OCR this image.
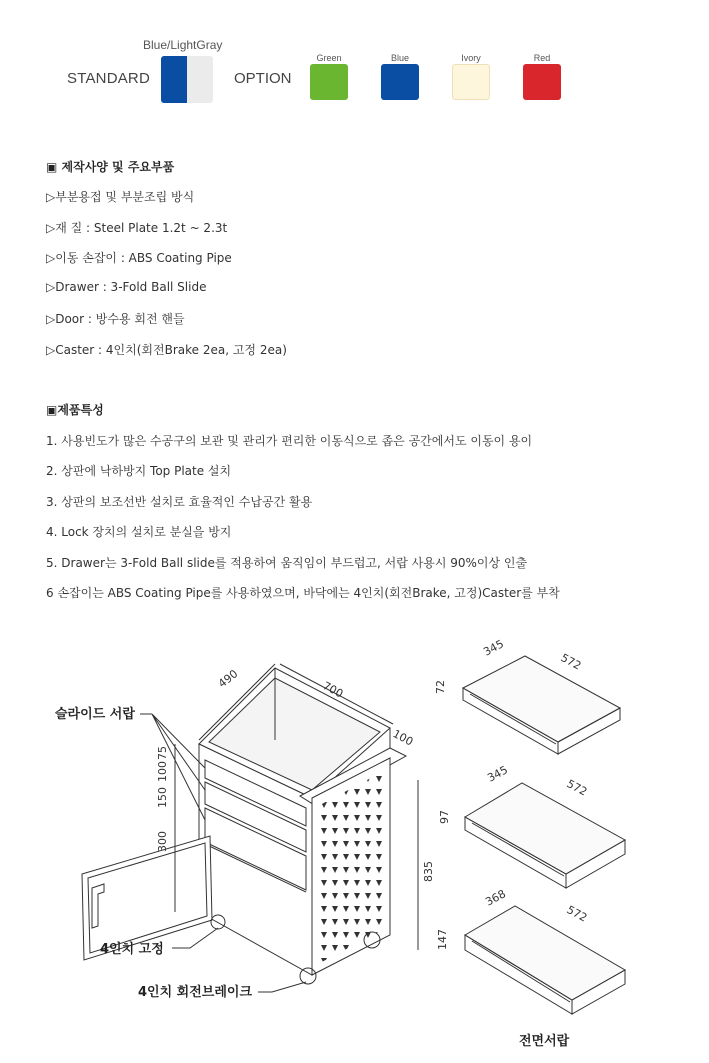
Blue/LightGray
STANDARD	OPTION
Green	Blue	Ivory	Red
▣ 제작사양 및 주요부품
▷부분용접 및 부분조립 방식
▷재 질 : Steel Plate 1.2t ~ 2.3t
▷이동 손잡이 : ABS Coating Pipe
▷Drawer : 3-Fold Ball Slide
▷Door : 방수용 회전 핸들
▷Caster : 4인치(회전Brake 2ea, 고정 2ea)
▣제품특성
1. 사용빈도가 많은 수공구의 보관 및 관리가 편리한 이동식으로 좁은 공간에서도 이동이 용이
2. 상판에 낙하방지 Top Plate 설치
3. 상판의 보조선반 설치로 효율적인 수납공간 활용
4. Lock 장치의 설치로 분실을 방지
5. Drawer는 3-Fold Ball slide를 적용하여 움직임이 부드럽고, 서랍 사용시 90%이상 인출
6 손잡이는 ABS Coating Pipe를 사용하였으며, 바닥에는 4인치(회전Brake, 고정)Caster를 부착
490	700
100
835
75
100
150
300
슬라이드 서랍
4인치 고정
4인치 회전브레이크
345
572
72
345
572
97
368
572
147
전면서랍
